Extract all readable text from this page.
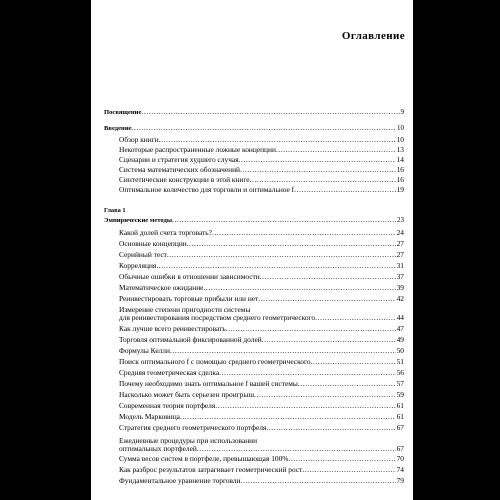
Оглавление
Посвящение .....	9
Введение .....	10
Обзор книги .....	10
Некоторые распространенные ложные концепции .....	13
Сценарии и стратегия худшего случая .....	14
Система математических обозначений .....	16
Синтетические конструкции в этой книге .....	16
Оптимальное количество для торговли и оптимальное f .....	19
Глава 1
Эмпирические методы .....	23
Какой долей счета торговать? .....	24
Основные концепции .....	27
Серийный тест .....	27
Корреляция .....	31
Обычные ошибки в отношении зависимости .....	37
Математическое ожидание .....	39
Реинвестировать торговые прибыли или нет .....	42
Измерение степени пригодности системы
для реинвестирования посредством среднего геометрического .....	44
Как лучше всего реинвестировать .....	47
Торговля оптимальной фиксированной долей .....	49
Формулы Келли .....	50
Поиск оптимального f с помощью среднего геометрического .....	51
Средняя геометрическая сделка .....	56
Почему необходимо знать оптимальное f вашей системы .....	57
Насколько может быть серьезен проигрыш .....	59
Современная теория портфеля .....	61
Модель Марковица .....	61
Стратегия среднего геометрического портфеля .....	67
Ежедневные процедуры при использовании
оптимальных портфелей .....	67
Сумма весов систем в портфеле, превышающая 100% .....	70
Как разброс результатов затрагивает геометрический рост .....	74
Фундаментальное уравнение торговли .....	79
